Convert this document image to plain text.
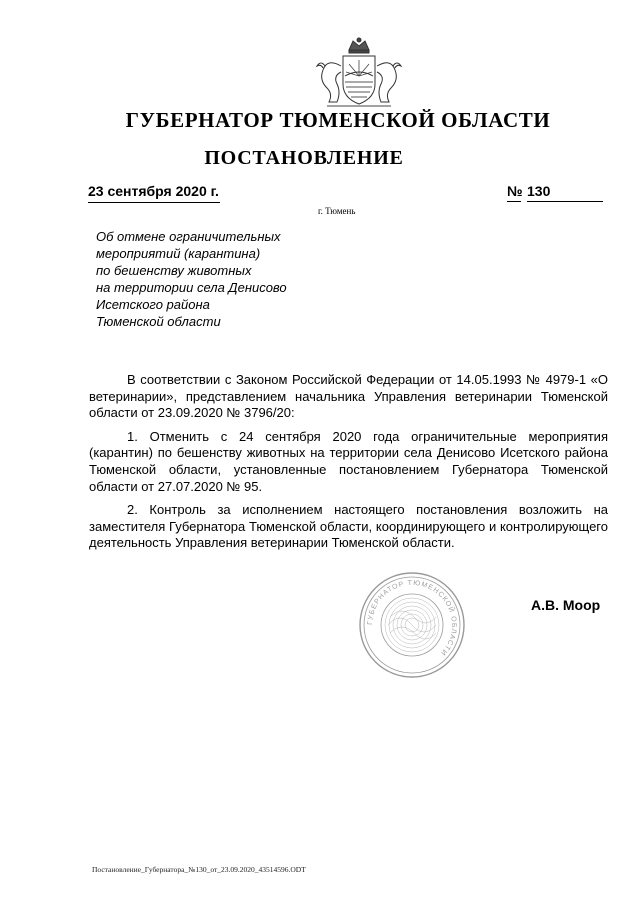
ГУБЕРНАТОР ТЮМЕНСКОЙ ОБЛАСТИ
ПОСТАНОВЛЕНИЕ
23 сентября 2020 г.	№ 130
г. Тюмень
Об отмене ограничительных
мероприятий (карантина)
по бешенству животных
на территории села Денисово
Исетского района
Тюменской области

В соответствии с Законом Российской Федерации от 14.05.1993 № 4979-1 «О ветеринарии», представлением начальника Управления ветеринарии Тюменской области от 23.09.2020 № 3796/20:

1. Отменить с 24 сентября 2020 года ограничительные мероприятия (карантин) по бешенству животных на территории села Денисово Исетского района Тюменской области, установленные постановлением Губернатора Тюменской области от 27.07.2020 № 95.

2. Контроль за исполнением настоящего постановления возложить на заместителя Губернатора Тюменской области, координирующего и контролирующего деятельность Управления ветеринарии Тюменской области.

ГУБЕРНАТОР ТЮМЕНСКОЙ ОБЛАСТИ
А.В. Моор
Постановление_Губернатора_№130_от_23.09.2020_43514596.ODT
